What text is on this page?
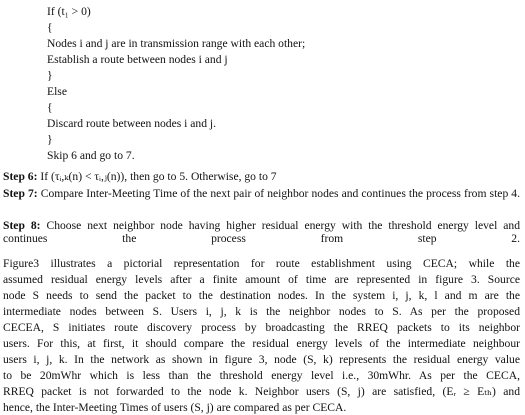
If (t₁ > 0)
{
Nodes i and j are in transmission range with each other;
Establish a route between nodes i and j
}
Else
{
Discard route between nodes i and j.
}
Skip 6 and go to 7.
Step 6: If (τᵢ,ₖ(n) < τᵢ,ⱼ(n)), then go to 5. Otherwise, go to 7
Step 7: Compare Inter-Meeting Time of the next pair of neighbor nodes and continues the process from step 4.
Step 8: Choose next neighbor node having higher residual energy with the threshold energy level and continues the process from step 2.
Figure3 illustrates a pictorial representation for route establishment using CECA; while the
assumed residual energy levels after a finite amount of time are represented in figure 3. Source
node S needs to send the packet to the destination nodes. In the system i, j, k, l and m are the
intermediate nodes between S. Users i, j, k is the neighbor nodes to S. As per the proposed
CECEA, S initiates route discovery process by broadcasting the RREQ packets to its neighbor
users. For this, at first, it should compare the residual energy levels of the intermediate neighbour
users i, j, k. In the network as shown in figure 3, node (S, k) represents the residual energy value
to be 20mWhr which is less than the threshold energy level i.e., 30mWhr. As per the CECA,
RREQ packet is not forwarded to the node k. Neighbor users (S, j) are satisfied, (Eᵣ ≥ Eₜₕ) and
hence, the Inter-Meeting Times of users (S, j) are compared as per CECA.
